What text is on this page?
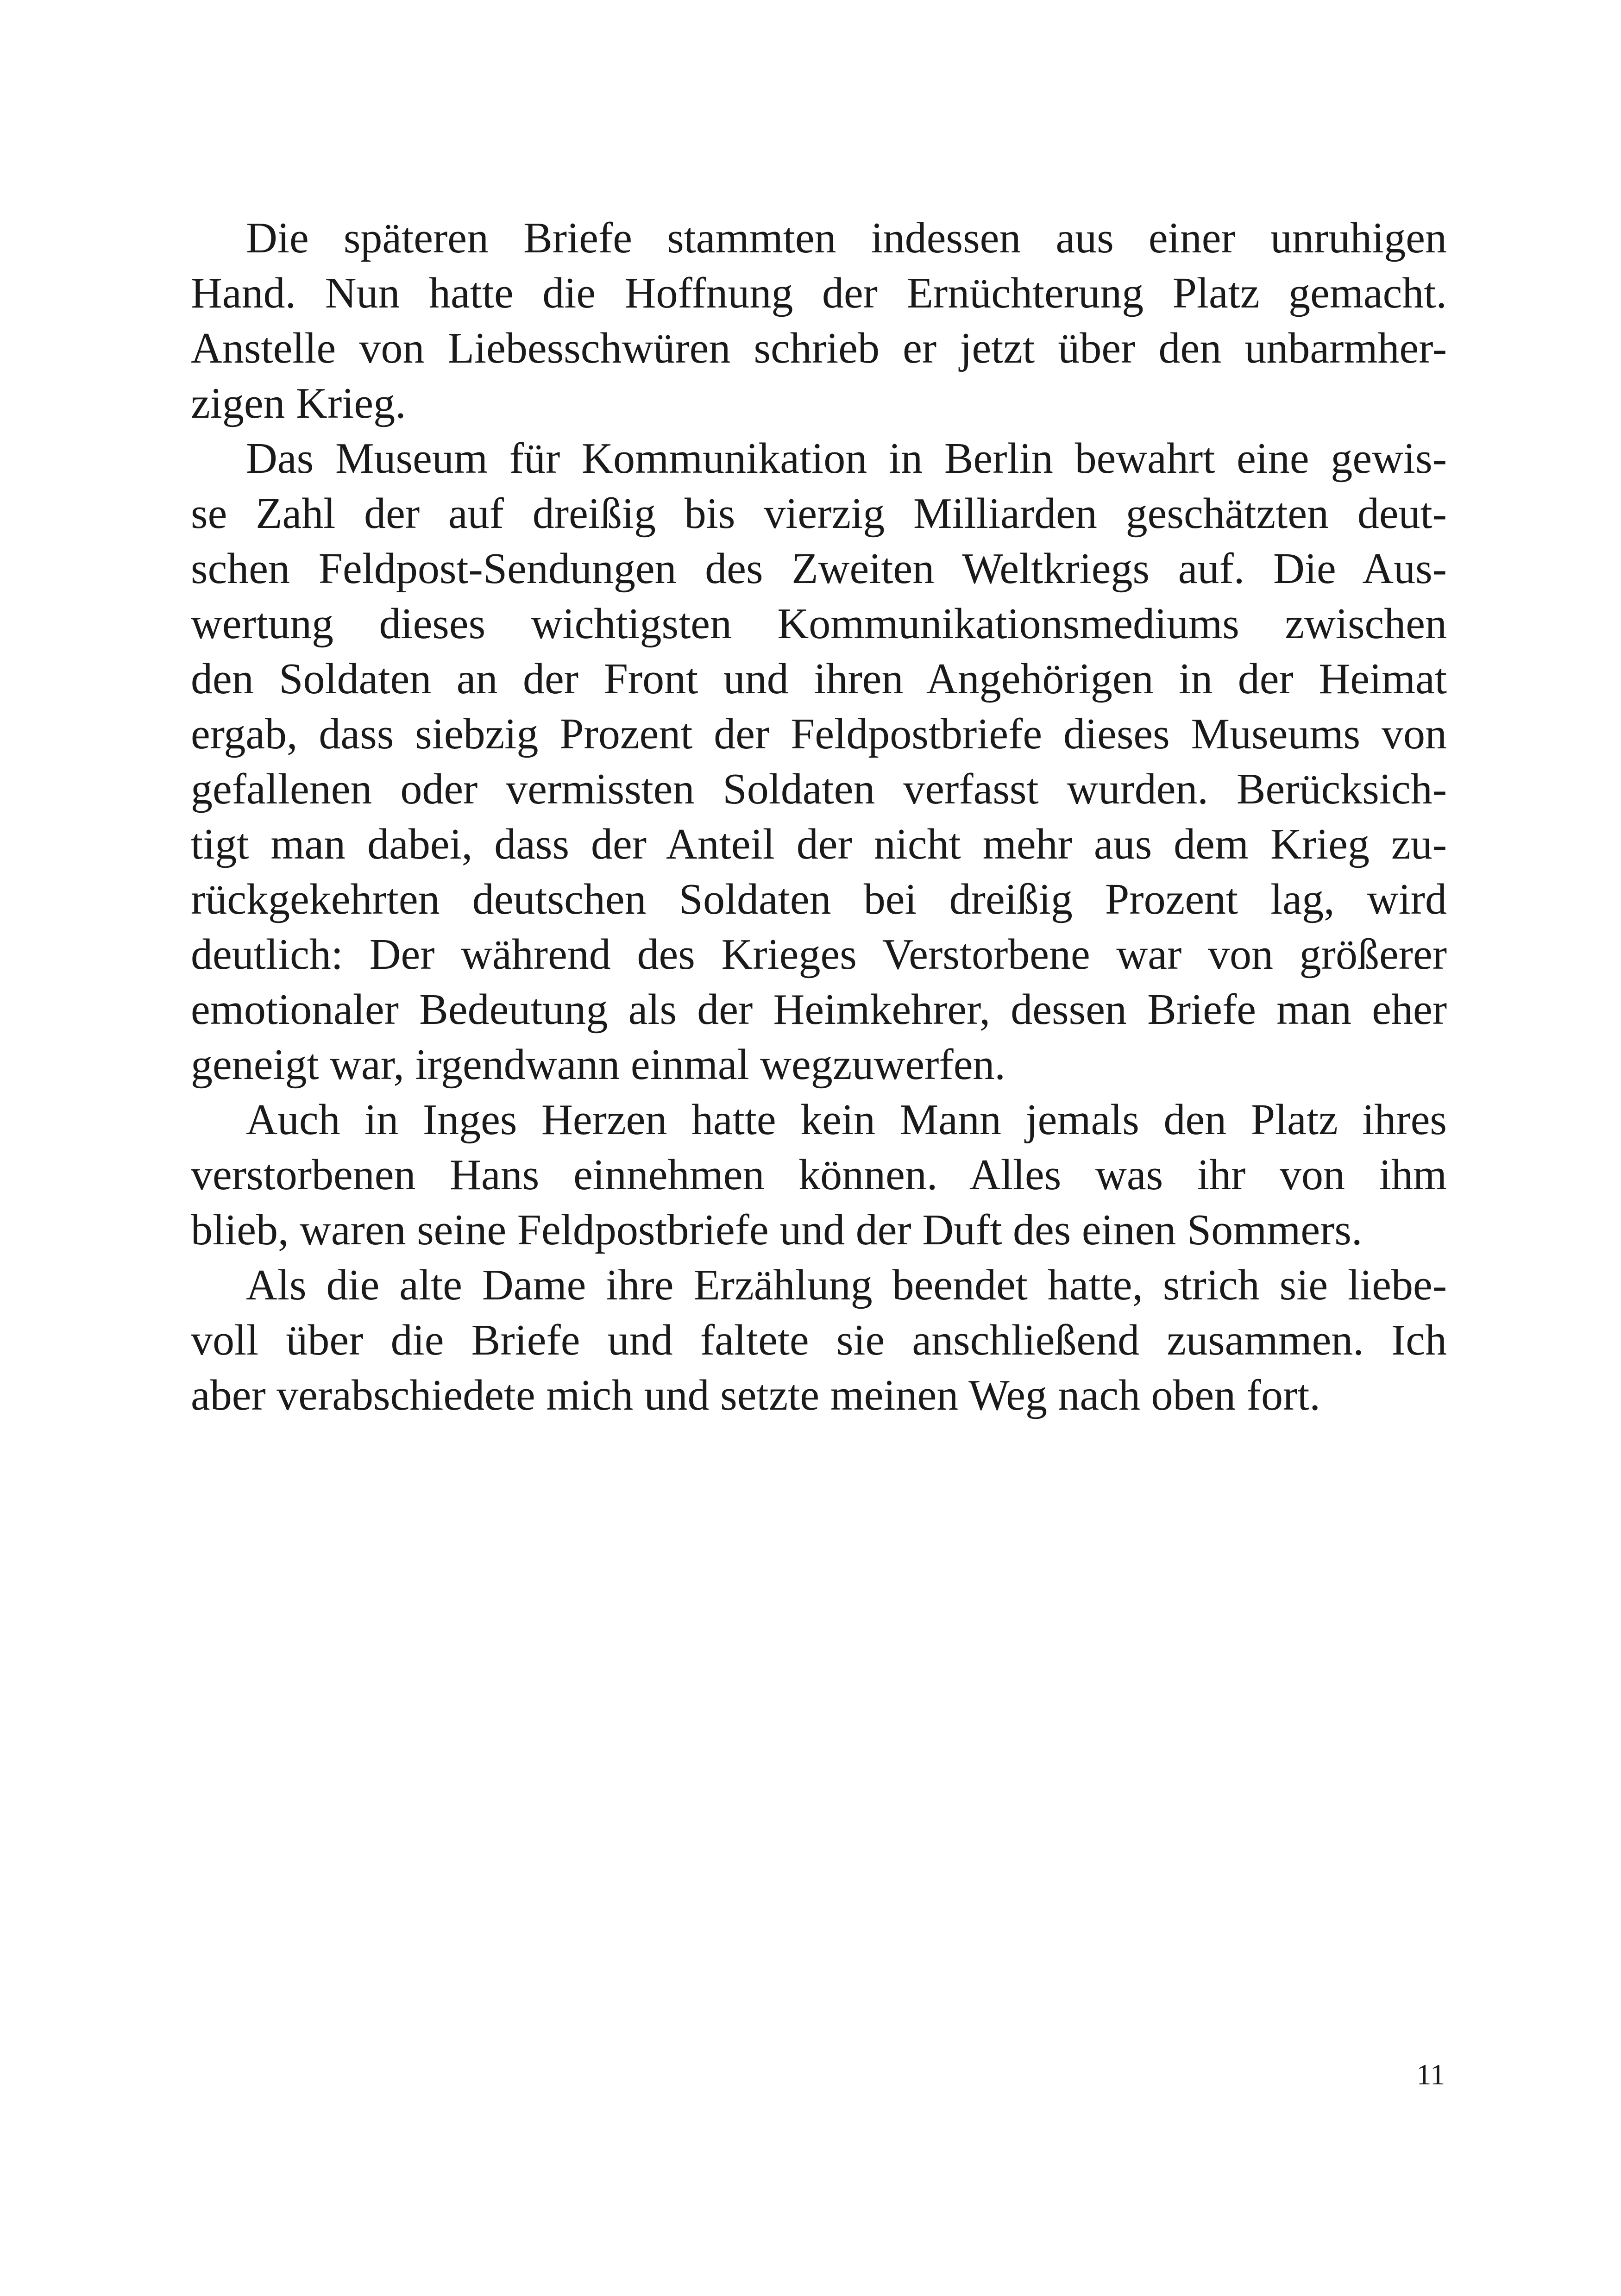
Die späteren Briefe stammten indessen aus einer unruhigen
Hand. Nun hatte die Hoffnung der Ernüchterung Platz gemacht.
Anstelle von Liebesschwüren schrieb er jetzt über den unbarmher-
zigen Krieg.
Das Museum für Kommunikation in Berlin bewahrt eine gewis-
se Zahl der auf dreißig bis vierzig Milliarden geschätzten deut-
schen Feldpost-Sendungen des Zweiten Weltkriegs auf. Die Aus-
wertung dieses wichtigsten Kommunikationsmediums zwischen
den Soldaten an der Front und ihren Angehörigen in der Heimat
ergab, dass siebzig Prozent der Feldpostbriefe dieses Museums von
gefallenen oder vermissten Soldaten verfasst wurden. Berücksich-
tigt man dabei, dass der Anteil der nicht mehr aus dem Krieg zu-
rückgekehrten deutschen Soldaten bei dreißig Prozent lag, wird
deutlich: Der während des Krieges Verstorbene war von größerer
emotionaler Bedeutung als der Heimkehrer, dessen Briefe man eher
geneigt war, irgendwann einmal wegzuwerfen.
Auch in Inges Herzen hatte kein Mann jemals den Platz ihres
verstorbenen Hans einnehmen können. Alles was ihr von ihm
blieb, waren seine Feldpostbriefe und der Duft des einen Sommers.
Als die alte Dame ihre Erzählung beendet hatte, strich sie liebe-
voll über die Briefe und faltete sie anschließend zusammen. Ich
aber verabschiedete mich und setzte meinen Weg nach oben fort.
11
